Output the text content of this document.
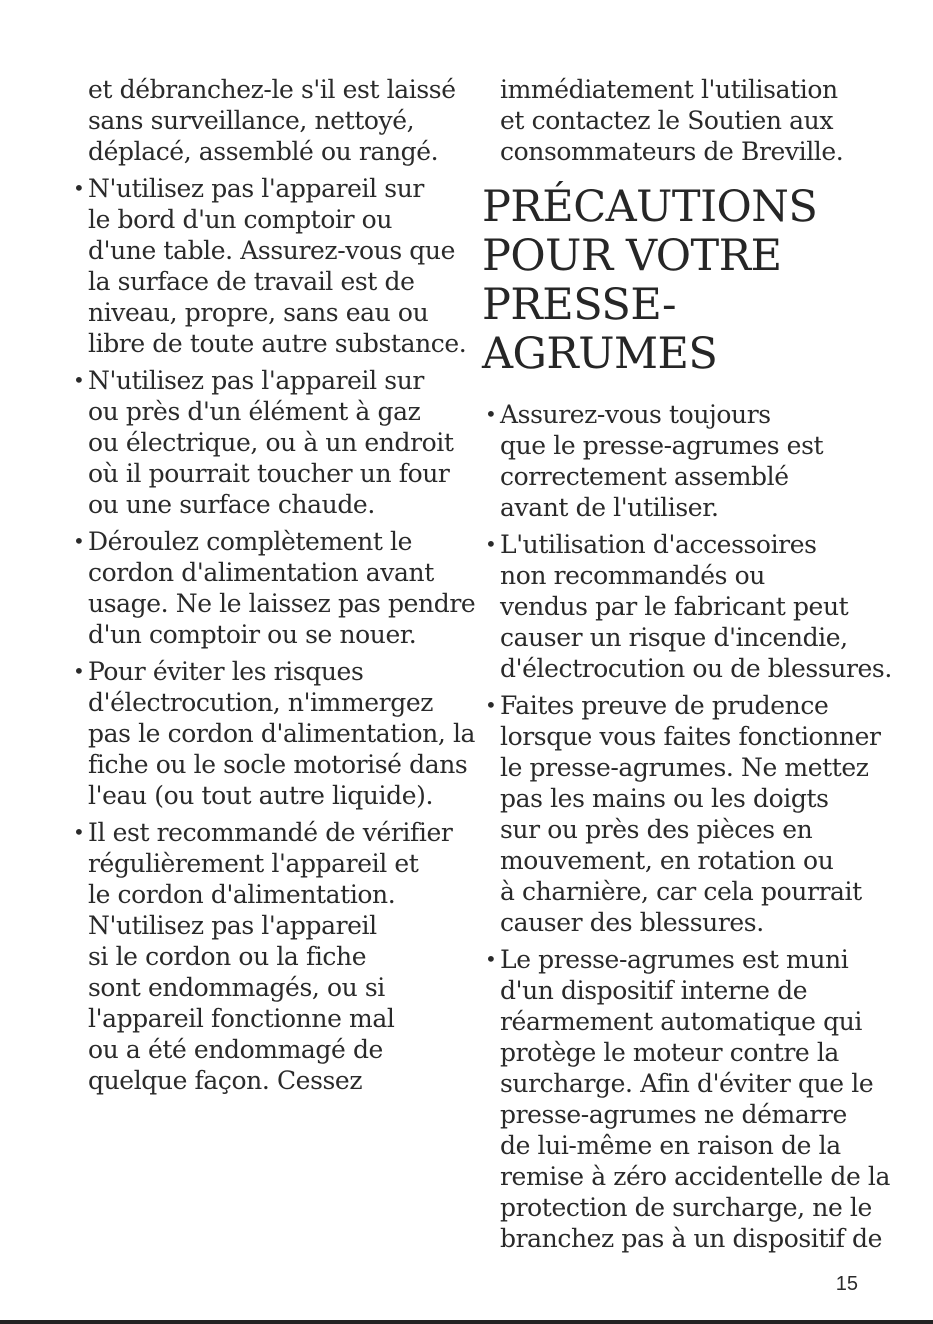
et débranchez-le s'il est laissé
sans surveillance, nettoyé,
déplacé, assemblé ou rangé.
• N'utilisez pas l'appareil sur
le bord d'un comptoir ou
d'une table. Assurez-vous que
la surface de travail est de
niveau, propre, sans eau ou
libre de toute autre substance.
• N'utilisez pas l'appareil sur
ou près d'un élément à gaz
ou électrique, ou à un endroit
où il pourrait toucher un four
ou une surface chaude.
• Déroulez complètement le
cordon d'alimentation avant
usage. Ne le laissez pas pendre
d'un comptoir ou se nouer.
• Pour éviter les risques
d'électrocution, n'immergez
pas le cordon d'alimentation, la
fiche ou le socle motorisé dans
l'eau (ou tout autre liquide).
• Il est recommandé de vérifier
régulièrement l'appareil et
le cordon d'alimentation.
N'utilisez pas l'appareil
si le cordon ou la fiche
sont endommagés, ou si
l'appareil fonctionne mal
ou a été endommagé de
quelque façon. Cessez
immédiatement l'utilisation
et contactez le Soutien aux
consommateurs de Breville.
PRÉCAUTIONS
POUR VOTRE
PRESSE-
AGRUMES
• Assurez-vous toujours
que le presse-agrumes est
correctement assemblé
avant de l'utiliser.
• L'utilisation d'accessoires
non recommandés ou
vendus par le fabricant peut
causer un risque d'incendie,
d'électrocution ou de blessures.
• Faites preuve de prudence
lorsque vous faites fonctionner
le presse-agrumes. Ne mettez
pas les mains ou les doigts
sur ou près des pièces en
mouvement, en rotation ou
à charnière, car cela pourrait
causer des blessures.
• Le presse-agrumes est muni
d'un dispositif interne de
réarmement automatique qui
protège le moteur contre la
surcharge. Afin d'éviter que le
presse-agrumes ne démarre
de lui-même en raison de la
remise à zéro accidentelle de la
protection de surcharge, ne le
branchez pas à un dispositif de
15
